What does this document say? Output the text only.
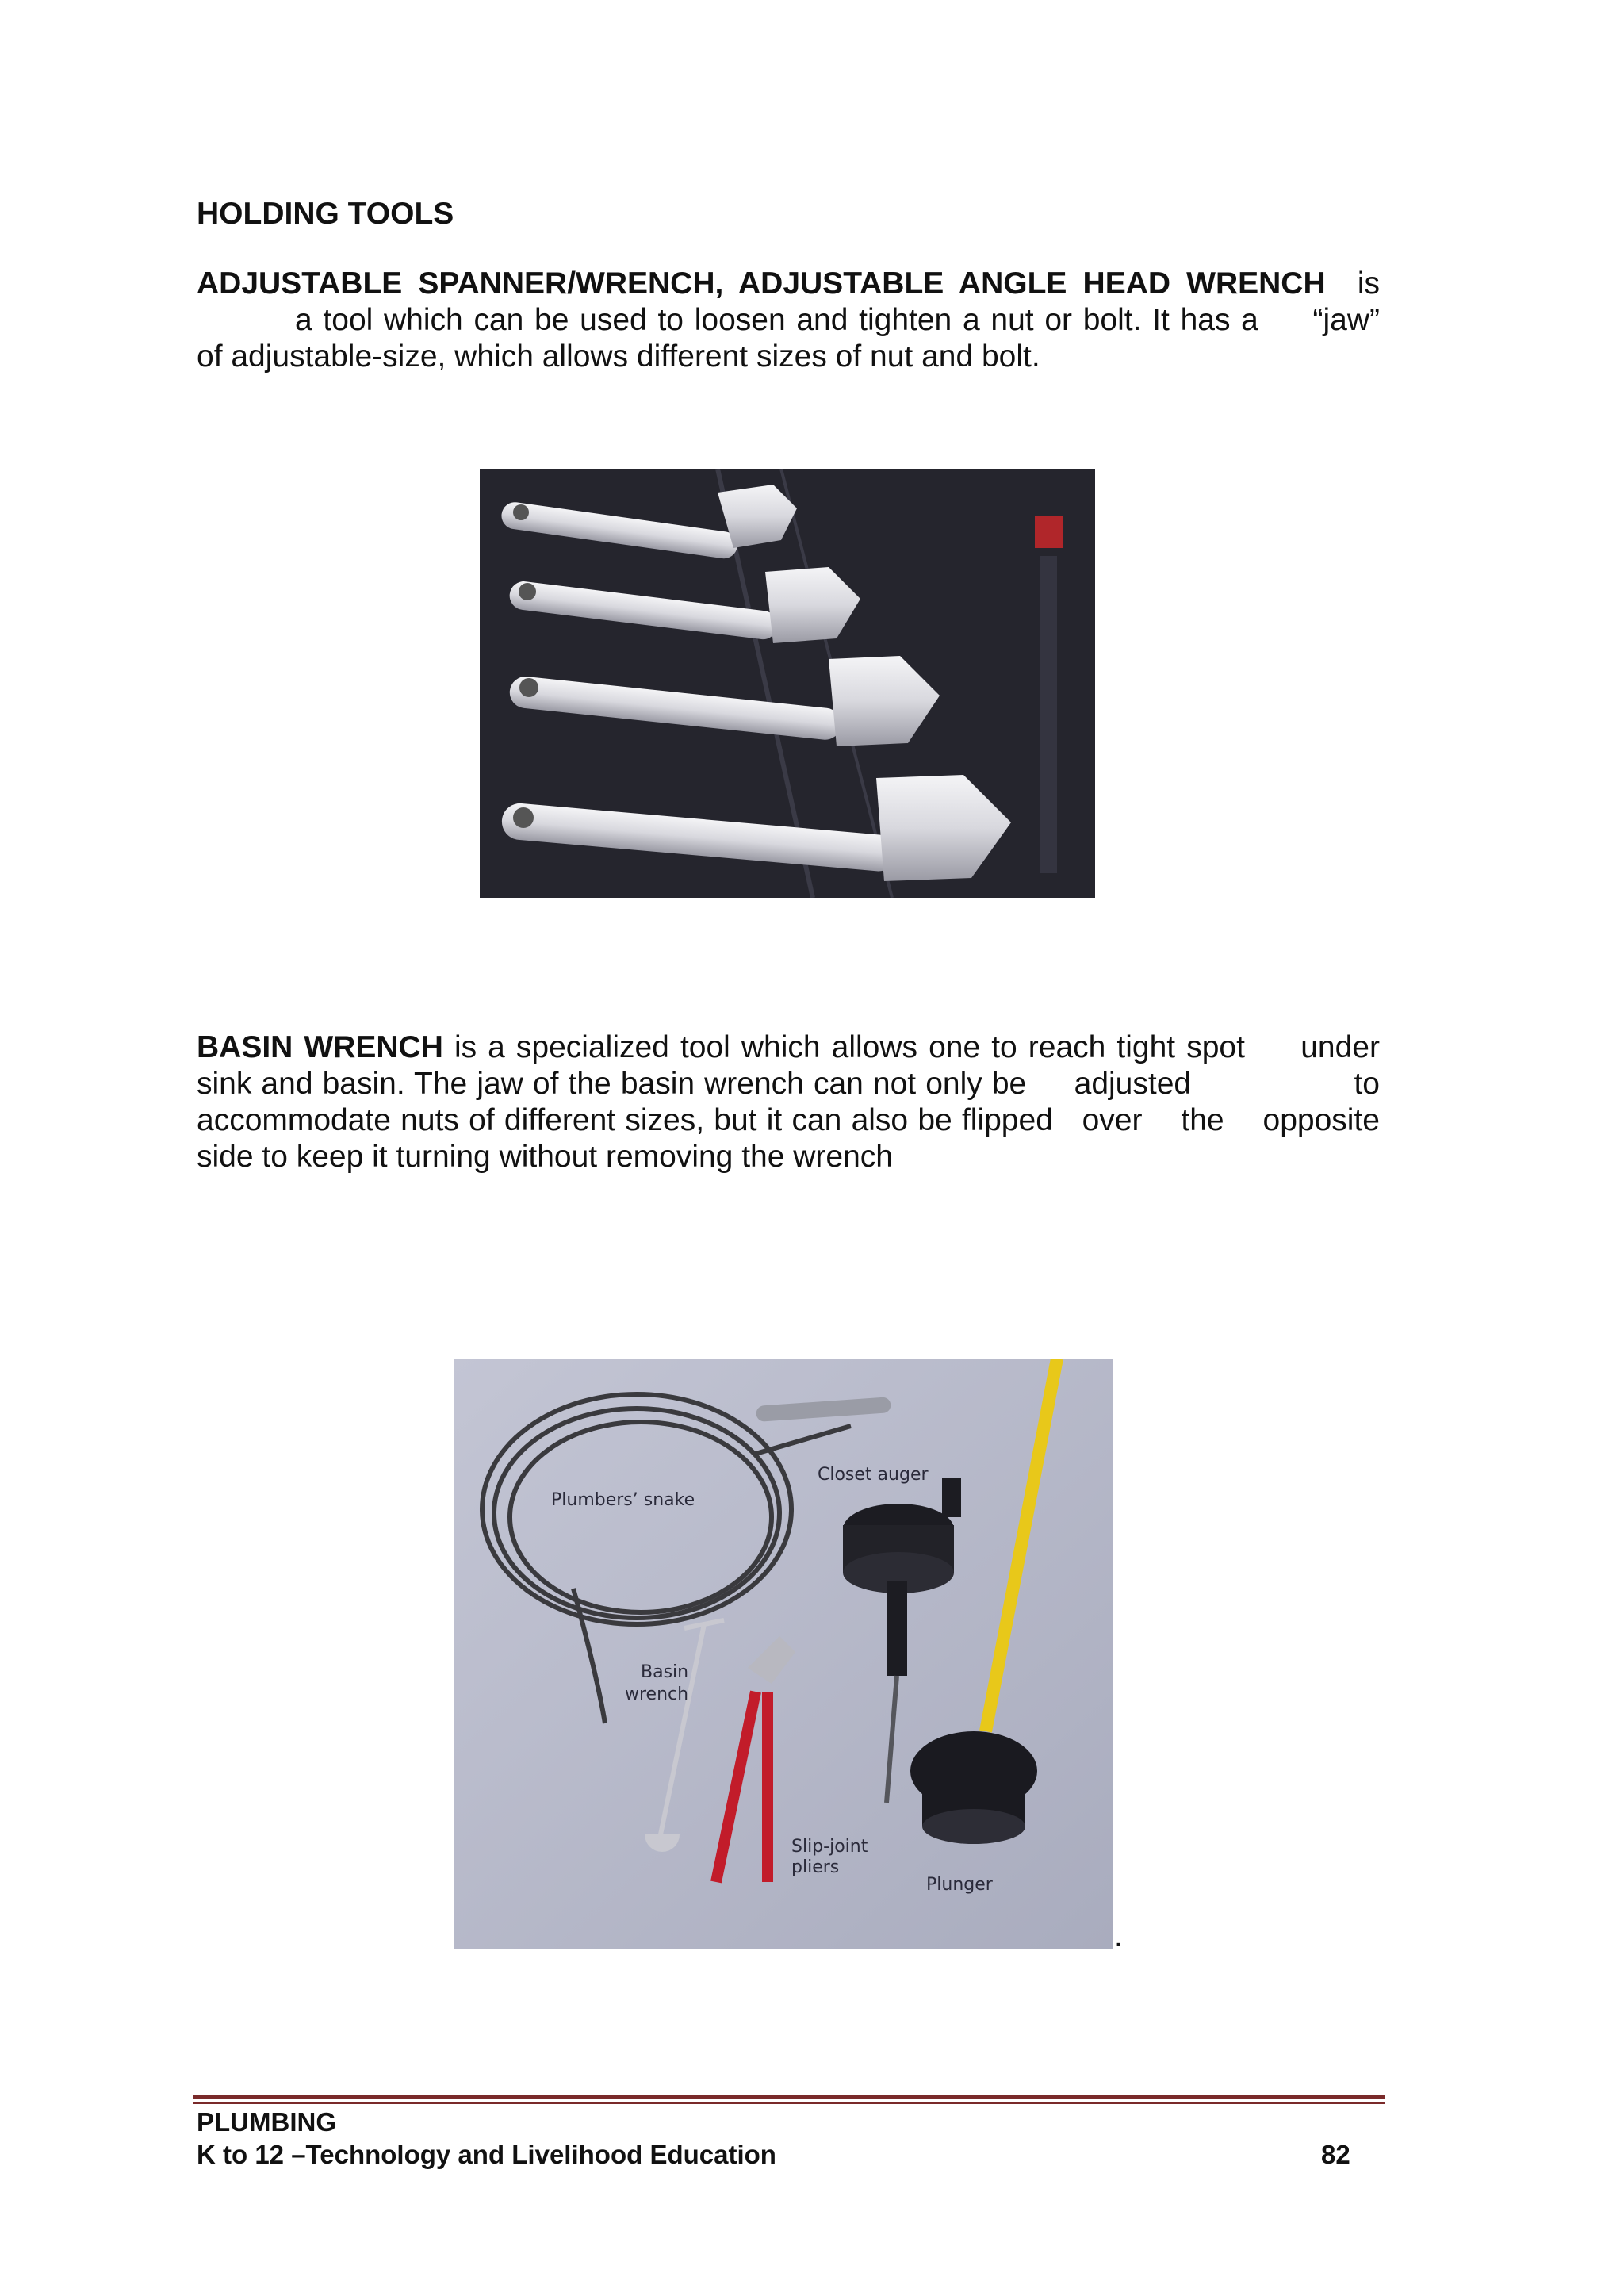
HOLDING TOOLS
ADJUSTABLE SPANNER/WRENCH, ADJUSTABLE ANGLE HEAD WRENCH is
a tool which can be used to loosen and tighten a nut or bolt. It has a     “jaw”
of adjustable-size, which allows different sizes of nut and bolt.
BASIN WRENCH is a specialized tool which allows one to reach tight spot     under
sink and basin. The jaw of the basin wrench can not only be     adjusted                 to
accommodate nuts of different sizes, but it can also be flipped   over    the    opposite
side to keep it turning without removing the wrench
Plumbers’ snake
Closet auger
Basin
wrench
Slip-joint
pliers
Plunger
.

PLUMBING

K to 12 –Technology and Livelihood Education	82
